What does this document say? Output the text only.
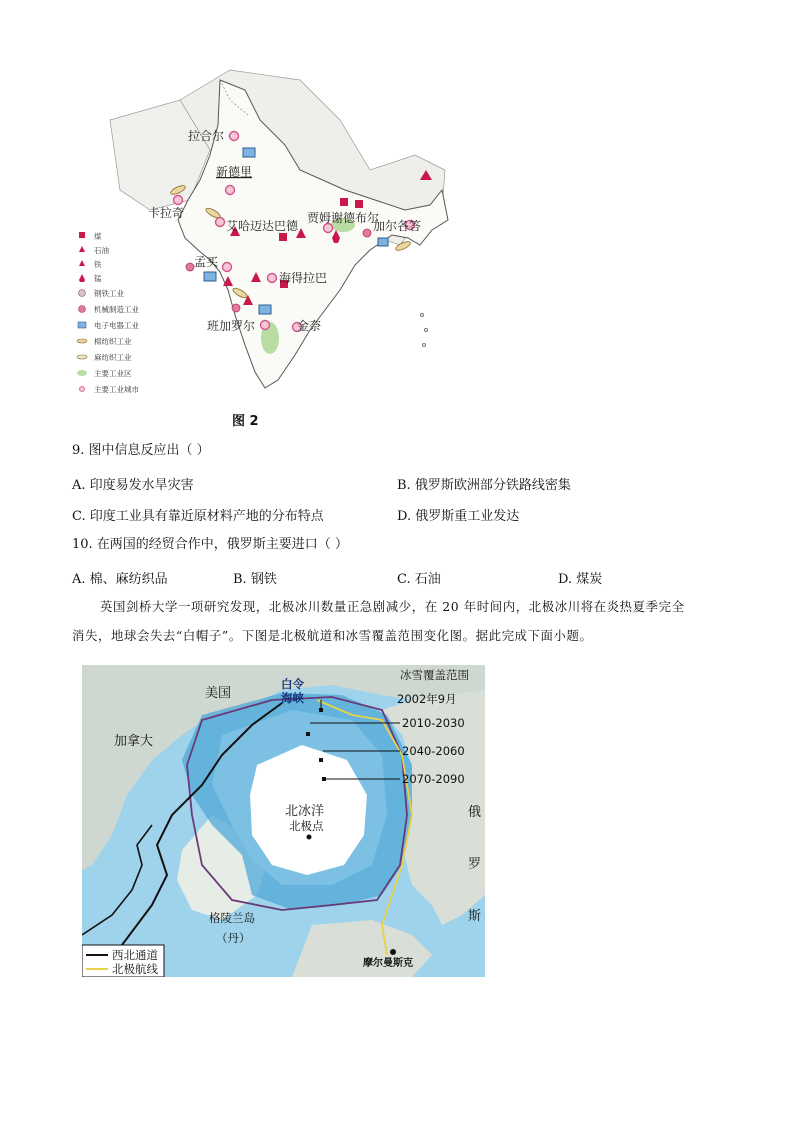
拉合尔
新德里
卡拉奇
艾哈迈达巴德
贾姆谢德布尔
加尔各答
孟买
海得拉巴
班加罗尔	金奈
煤
石油
铁
锰
钢铁工业
机械制造工业
电子电器工业
棉纺织工业
麻纺织工业
主要工业区
主要工业城市
图 2
9. 图中信息反应出（ ）
A. 印度易发水旱灾害	B. 俄罗斯欧洲部分铁路线密集
C. 印度工业具有靠近原材料产地的分布特点	D. 俄罗斯重工业发达
10. 在两国的经贸合作中，俄罗斯主要进口（ ）
A. 棉、麻纺织品	B. 钢铁	C. 石油	D. 煤炭
英国剑桥大学一项研究发现，北极冰川数量正急剧减少，在 20 年时间内，北极冰川将在炎热夏季完全
消失，地球会失去“白帽子”。下图是北极航道和冰雪覆盖范围变化图。据此完成下面小题。
美国
加拿大
白令
海峡
北冰洋
北极点
俄
罗
斯
格陵兰岛
（丹）
摩尔曼斯克
冰雪覆盖范围
2002年9月
2010-2030
2040-2060
2070-2090
西北通道
北极航线
